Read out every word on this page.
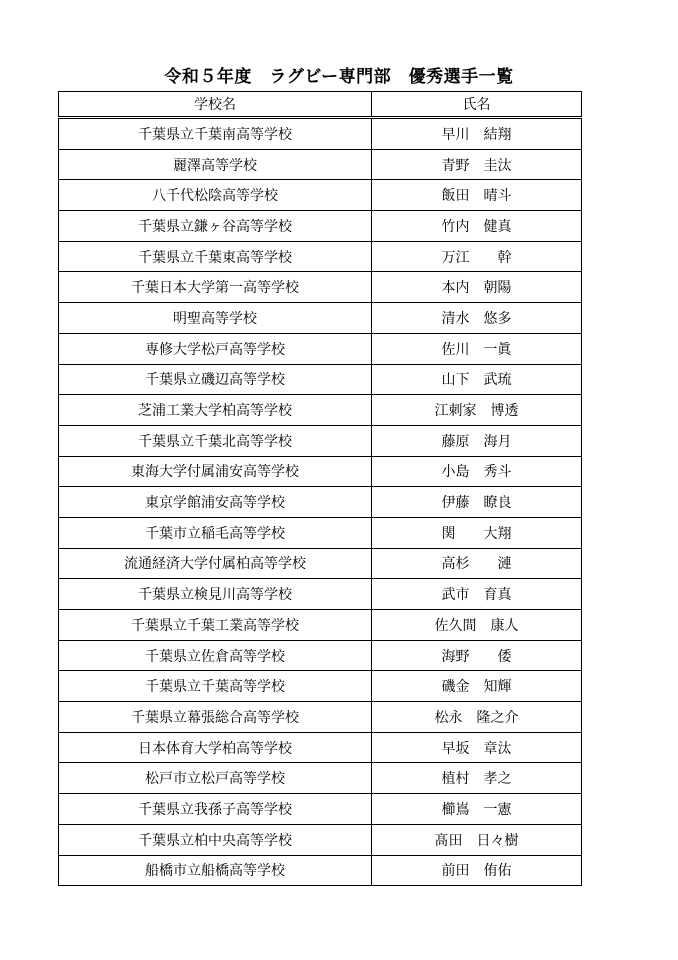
令和５年度　ラグビー専門部　優秀選手一覧
学校名	氏名
千葉県立千葉南高等学校	早川　結翔
麗澤高等学校	青野　圭汰
八千代松陰高等学校	飯田　晴斗
千葉県立鎌ヶ谷高等学校	竹内　健真
千葉県立千葉東高等学校	万江　　幹
千葉日本大学第一高等学校	本内　朝陽
明聖高等学校	清水　悠多
専修大学松戸高等学校	佐川　一眞
千葉県立磯辺高等学校	山下　武琉
芝浦工業大学柏高等学校	江刺家　博透
千葉県立千葉北高等学校	藤原　海月
東海大学付属浦安高等学校	小島　秀斗
東京学館浦安高等学校	伊藤　瞭良
千葉市立稲毛高等学校	関　　大翔
流通経済大学付属柏高等学校	高杉　　漣
千葉県立検見川高等学校	武市　育真
千葉県立千葉工業高等学校	佐久間　康人
千葉県立佐倉高等学校	海野　　倭
千葉県立千葉高等学校	磯金　知輝
千葉県立幕張総合高等学校	松永　隆之介
日本体育大学柏高等学校	早坂　章汰
松戸市立松戸高等学校	植村　孝之
千葉県立我孫子高等学校	櫛嶌　一憲
千葉県立柏中央高等学校	髙田　日々樹
船橋市立船橋高等学校	前田　侑佑
